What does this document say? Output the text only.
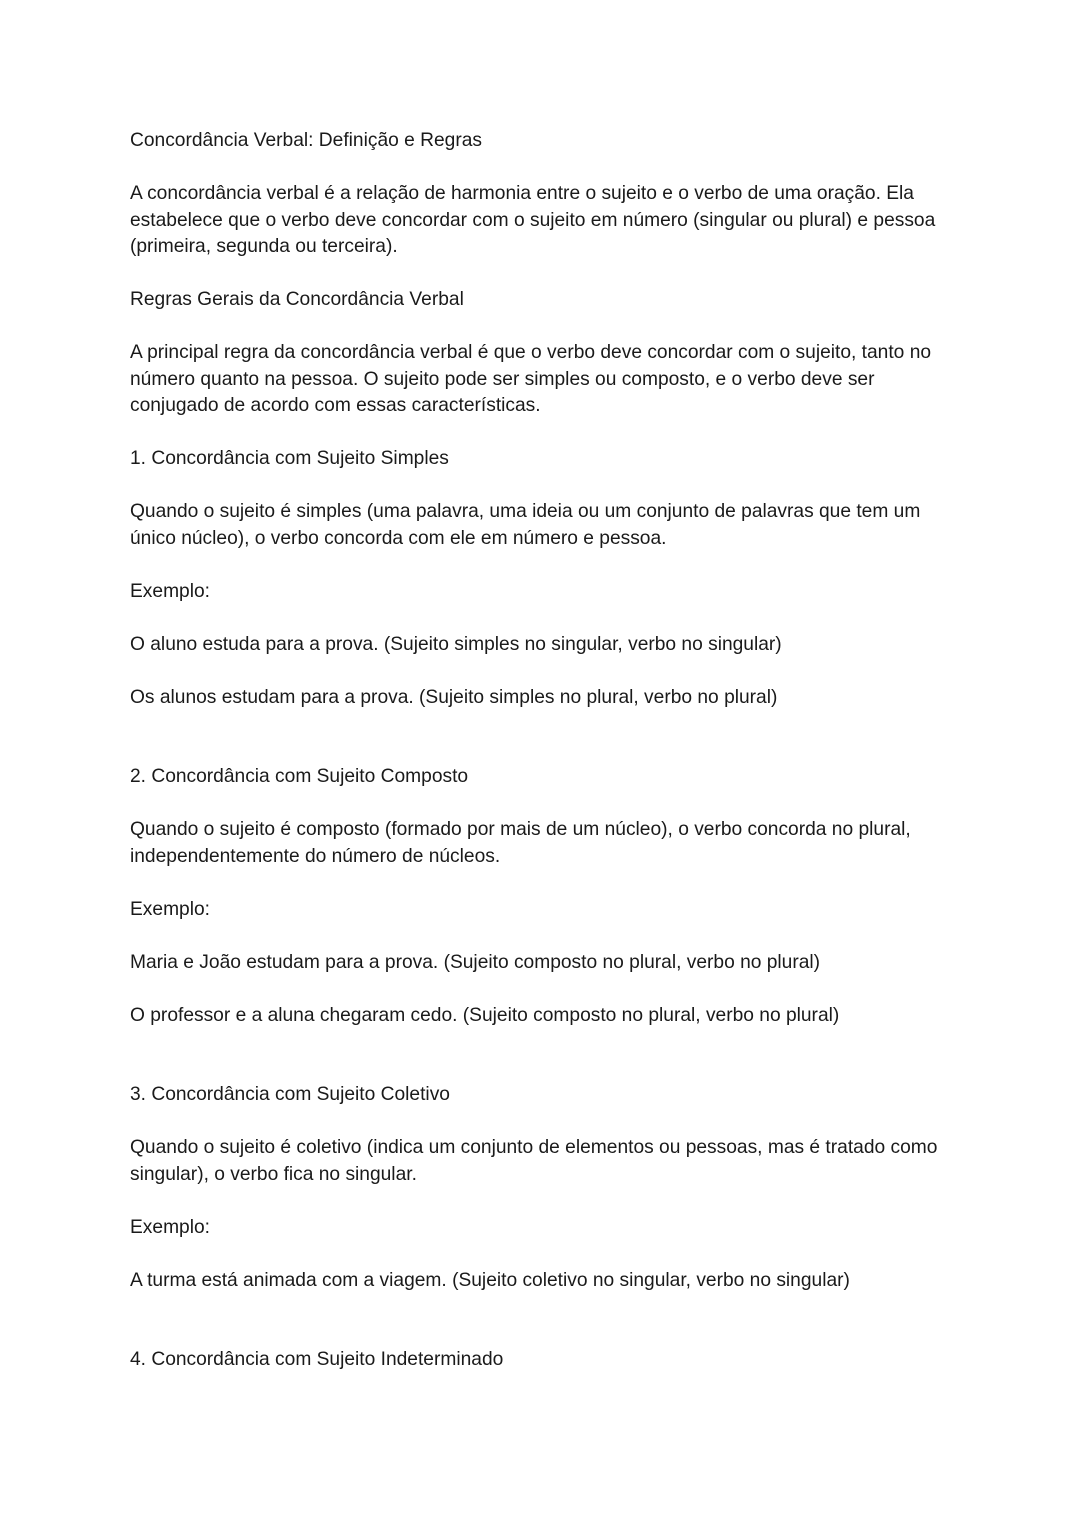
Concordância Verbal: Definição e Regras

A concordância verbal é a relação de harmonia entre o sujeito e o verbo de uma oração. Ela estabelece que o verbo deve concordar com o sujeito em número (singular ou plural) e pessoa (primeira, segunda ou terceira).

Regras Gerais da Concordância Verbal

A principal regra da concordância verbal é que o verbo deve concordar com o sujeito, tanto no número quanto na pessoa. O sujeito pode ser simples ou composto, e o verbo deve ser conjugado de acordo com essas características.

1. Concordância com Sujeito Simples

Quando o sujeito é simples (uma palavra, uma ideia ou um conjunto de palavras que tem um único núcleo), o verbo concorda com ele em número e pessoa.

Exemplo:

O aluno estuda para a prova. (Sujeito simples no singular, verbo no singular)

Os alunos estudam para a prova. (Sujeito simples no plural, verbo no plural)

2. Concordância com Sujeito Composto

Quando o sujeito é composto (formado por mais de um núcleo), o verbo concorda no plural, independentemente do número de núcleos.

Exemplo:

Maria e João estudam para a prova. (Sujeito composto no plural, verbo no plural)

O professor e a aluna chegaram cedo. (Sujeito composto no plural, verbo no plural)

3. Concordância com Sujeito Coletivo

Quando o sujeito é coletivo (indica um conjunto de elementos ou pessoas, mas é tratado como singular), o verbo fica no singular.

Exemplo:

A turma está animada com a viagem. (Sujeito coletivo no singular, verbo no singular)

4. Concordância com Sujeito Indeterminado
